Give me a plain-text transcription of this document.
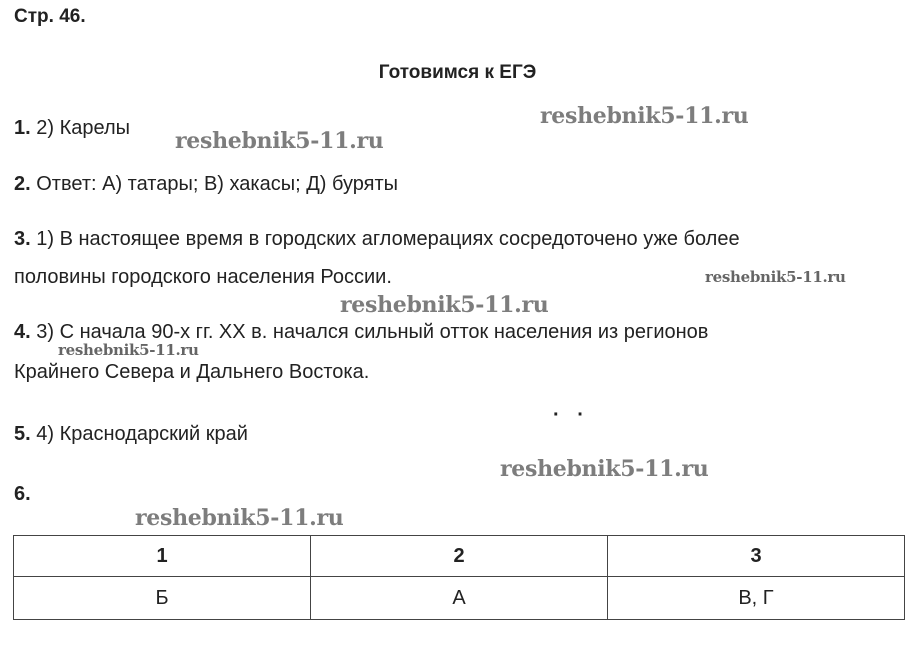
Стр. 46.
Готовимся к ЕГЭ
1. 2) Карелы
2. Ответ: А) татары; В) хакасы; Д) буряты
3. 1) В настоящее время в городских агломерациях сосредоточено уже более
половины городского населения России.
4. 3) С начала 90-х гг. XX в. начался сильный отток населения из регионов
Крайнего Севера и Дальнего Востока.
5. 4) Краснодарский край
· ·
6.
reshebnik5-11.ru
reshebnik5-11.ru
reshebnik5-11.ru
reshebnik5-11.ru
reshebnik5-11.ru
reshebnik5-11.ru
reshebnik5-11.ru
1	2	3
Б	А	В, Г
